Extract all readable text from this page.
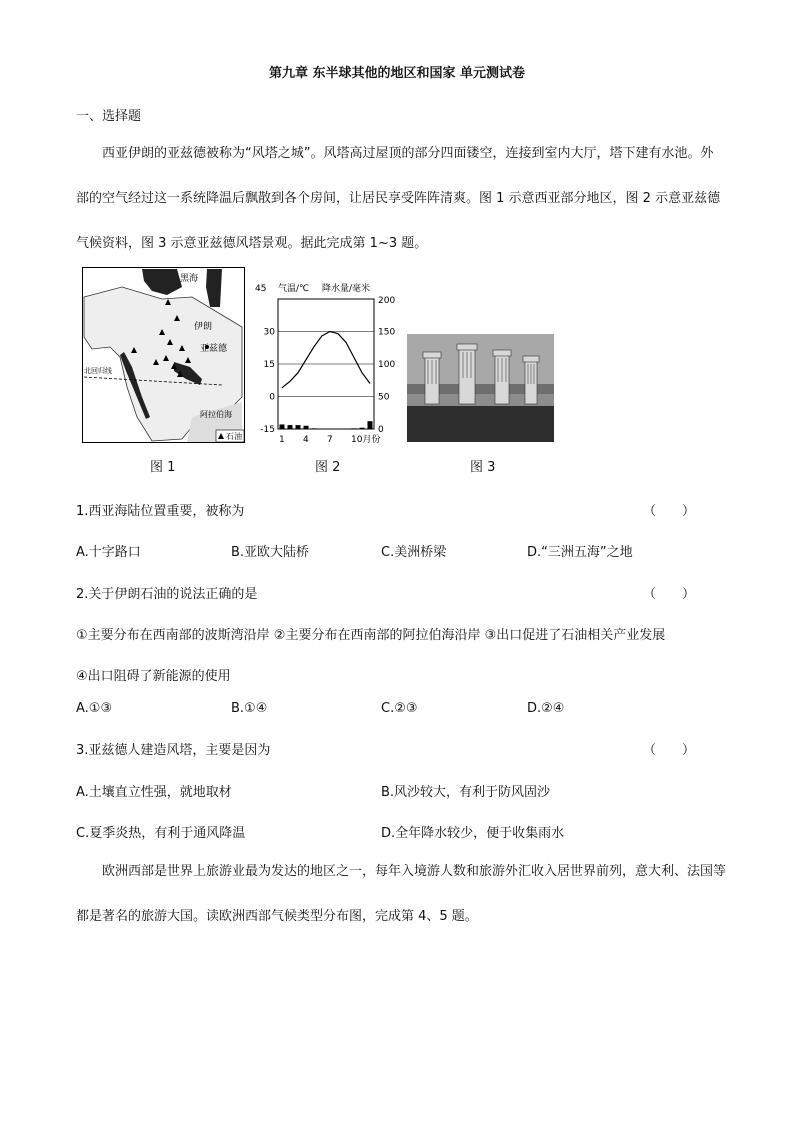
第九章 东半球其他的地区和国家 单元测试卷
一、选择题

西亚伊朗的亚兹德被称为“风塔之城”。风塔高过屋顶的部分四面镂空，连接到室内大厅，塔下建有水池。外部的空气经过这一系统降温后飘散到各个房间，让居民享受阵阵清爽。图 1 示意西亚部分地区，图 2 示意亚兹德气候资料，图 3 示意亚兹德风塔景观。据此完成第 1~3 题。

黑海
伊朗
亚兹德
北回归线
阿拉伯海
石油
图 1
45 气温/℃ 降水量/毫米
200
30
15
0
-15
150
100
50
0
1 4 7 10月份
图 2	图 3
1.西亚海陆位置重要，被称为	（　　）
A.十字路口	B.亚欧大陆桥	C.美洲桥梁	D.“三洲五海”之地
2.关于伊朗石油的说法正确的是	（　　）
①主要分布在西南部的波斯湾沿岸 ②主要分布在西南部的阿拉伯海沿岸 ③出口促进了石油相关产业发展
④出口阻碍了新能源的使用
A.①③	B.①④	C.②③	D.②④
3.亚兹德人建造风塔，主要是因为	（　　）
A.土壤直立性强，就地取材	B.风沙较大，有利于防风固沙
C.夏季炎热，有利于通风降温	D.全年降水较少，便于收集雨水

欧洲西部是世界上旅游业最为发达的地区之一，每年入境游人数和旅游外汇收入居世界前列，意大利、法国等都是著名的旅游大国。读欧洲西部气候类型分布图，完成第 4、5 题。
